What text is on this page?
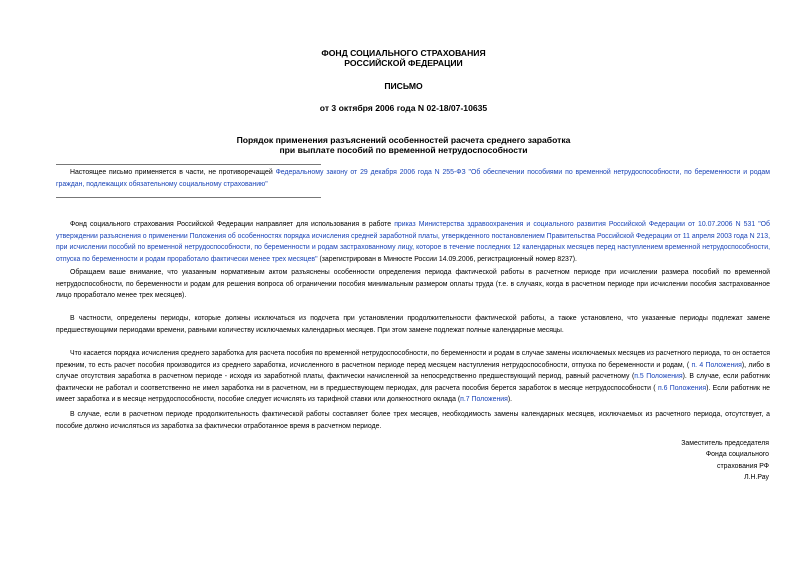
ФОНД СОЦИАЛЬНОГО СТРАХОВАНИЯ
РОССИЙСКОЙ ФЕДЕРАЦИИ
ПИСЬМО
от 3 октября 2006 года N 02-18/07-10635
Порядок применения разъяснений особенностей расчета среднего заработка
при выплате пособий по временной нетрудоспособности

Настоящее письмо применяется в части, не противоречащей Федеральному закону от 29 декабря 2006 года N 255-ФЗ "Об обеспечении пособиями по временной нетрудоспособности, по беременности и родам граждан, подлежащих обязательному социальному страхованию"

Фонд социального страхования Российской Федерации направляет для использования в работе приказ Министерства здравоохранения и социального развития Российской Федерации от 10.07.2006 N 531 "Об утверждении разъяснения о применении Положения об особенностях порядка исчисления средней заработной платы, утвержденного постановлением Правительства Российской Федерации от 11 апреля 2003 года N 213, при исчислении пособий по временной нетрудоспособности, по беременности и родам застрахованному лицу, которое в течение последних 12 календарных месяцев перед наступлением временной нетрудоспособности, отпуска по беременности и родам проработало фактически менее трех месяцев" (зарегистрирован в Минюсте России 14.09.2006, регистрационный номер 8237).

Обращаем ваше внимание, что указанным нормативным актом разъяснены особенности определения периода фактической работы в расчетном периоде при исчислении размера пособий по временной нетрудоспособности, по беременности и родам для решения вопроса об ограничении пособия минимальным размером оплаты труда (т.е. в случаях, когда в расчетном периоде при исчислении пособия застрахованное лицо проработало менее трех месяцев).

В частности, определены периоды, которые должны исключаться из подсчета при установлении продолжительности фактической работы, а также установлено, что указанные периоды подлежат замене предшествующими периодами времени, равными количеству исключаемых календарных месяцев. При этом замене подлежат полные календарные месяцы.

Что касается порядка исчисления среднего заработка для расчета пособия по временной нетрудоспособности, по беременности и родам в случае замены исключаемых месяцев из расчетного периода, то он остается прежним, то есть расчет пособия производится из среднего заработка, исчисленного в расчетном периоде перед месяцем наступления нетрудоспособности, отпуска по беременности и родам, ( п. 4 Положения), либо в случае отсутствия заработка в расчетном периоде - исходя из заработной платы, фактически начисленной за непосредственно предшествующий период, равный расчетному (п.5 Положения). В случае, если работник фактически не работал и соответственно не имел заработка ни в расчетном, ни в предшествующем периодах, для расчета пособия берется заработок в месяце нетрудоспособности ( п.6 Положения). Если работник не имеет заработка и в месяце нетрудоспособности, пособие следует исчислять из тарифной ставки или должностного оклада (п.7 Положения).

В случае, если в расчетном периоде продолжительность фактической работы составляет более трех месяцев, необходимость замены календарных месяцев, исключаемых из расчетного периода, отсутствует, а пособие должно исчисляться из заработка за фактически отработанное время в расчетном периоде.

Заместитель председателя
Фонда социального
страхования РФ
Л.Н.Рау
